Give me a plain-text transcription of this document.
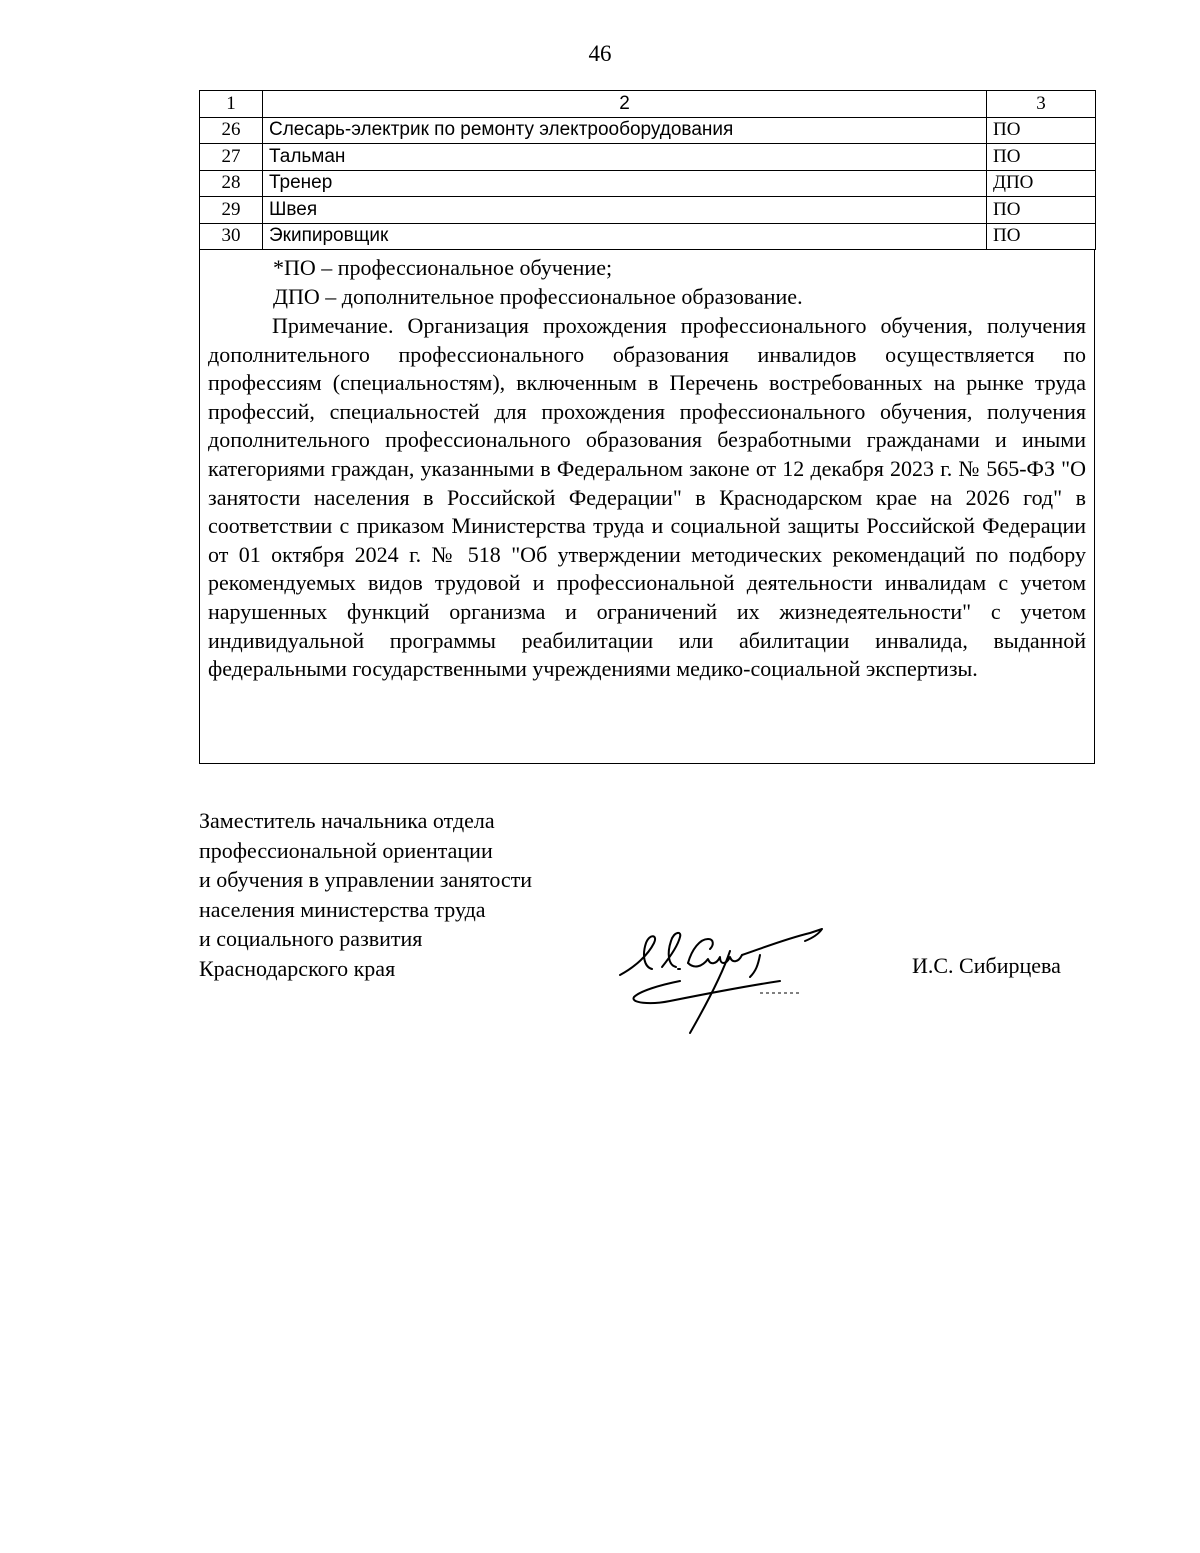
46
1	2	3
26	Слесарь-электрик по ремонту электрооборудования	ПО
27	Тальман	ПО
28	Тренер	ДПО
29	Швея	ПО
30	Экипировщик	ПО
*ПО – профессиональное обучение;
ДПО – дополнительное профессиональное образование.

Примечание. Организация прохождения профессионального обучения, получения дополнительного профессионального образования инвалидов осуществляется по профессиям (специальностям), включенным в Перечень востребованных на рынке труда профессий, специальностей для прохождения профессионального обучения, получения дополнительного профессионального образования безработными гражданами и иными категориями граждан, указанными в Федеральном законе от 12 декабря 2023 г. № 565-ФЗ "О занятости населения в Российской Федерации" в Краснодарском крае на 2026 год" в соответствии с приказом Министерства труда и социальной защиты Российской Федерации от 01 октября 2024 г. № 518 "Об утверждении методических рекомендаций по подбору рекомендуемых видов трудовой и профессиональной деятельности инвалидам с учетом нарушенных функций организма и ограничений их жизнедеятельности" с учетом индивидуальной программы реабилитации или абилитации инвалида, выданной федеральными государственными учреждениями медико-социальной экспертизы.

Заместитель начальника отдела
профессиональной ориентации
и обучения в управлении занятости
населения министерства труда
и социального развития
Краснодарского края	И.С. Сибирцева
